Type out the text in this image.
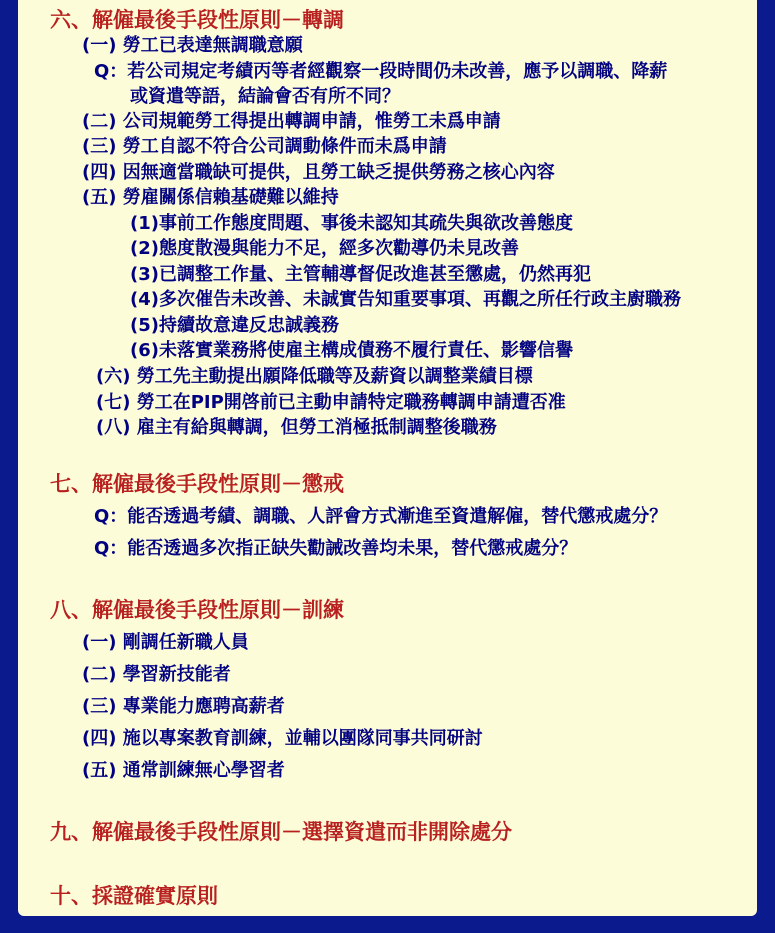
六、解僱最後手段性原則－轉調
(一) 勞工已表達無調職意願
Q：若公司規定考績丙等者經觀察一段時間仍未改善，應予以調職、降薪
或資遣等語，結論會否有所不同？
(二) 公司規範勞工得提出轉調申請，惟勞工未爲申請
(三) 勞工自認不符合公司調動條件而未爲申請
(四) 因無適當職缺可提供，且勞工缺乏提供勞務之核心內容
(五) 勞雇關係信賴基礎難以維持
(1)事前工作態度問題、事後未認知其疏失與欲改善態度
(2)態度散漫與能力不足，經多次勸導仍未見改善
(3)已調整工作量、主管輔導督促改進甚至懲處，仍然再犯
(4)多次催告未改善、未誠實告知重要事項、再觀之所任行政主廚職務
(5)持續故意違反忠誠義務
(6)未落實業務將使雇主構成債務不履行責任、影響信譽
(六) 勞工先主動提出願降低職等及薪資以調整業績目標
(七) 勞工在PIP開啓前已主動申請特定職務轉調申請遭否准
(八) 雇主有給與轉調，但勞工消極抵制調整後職務
七、解僱最後手段性原則－懲戒
Q：能否透過考績、調職、人評會方式漸進至資遣解僱，替代懲戒處分？
Q：能否透過多次指正缺失勸誡改善均未果，替代懲戒處分？
八、解僱最後手段性原則－訓練
(一) 剛調任新職人員
(二) 學習新技能者
(三) 專業能力應聘高薪者
(四) 施以專案教育訓練，並輔以團隊同事共同研討
(五) 通常訓練無心學習者
九、解僱最後手段性原則－選擇資遣而非開除處分
十、採證確實原則
